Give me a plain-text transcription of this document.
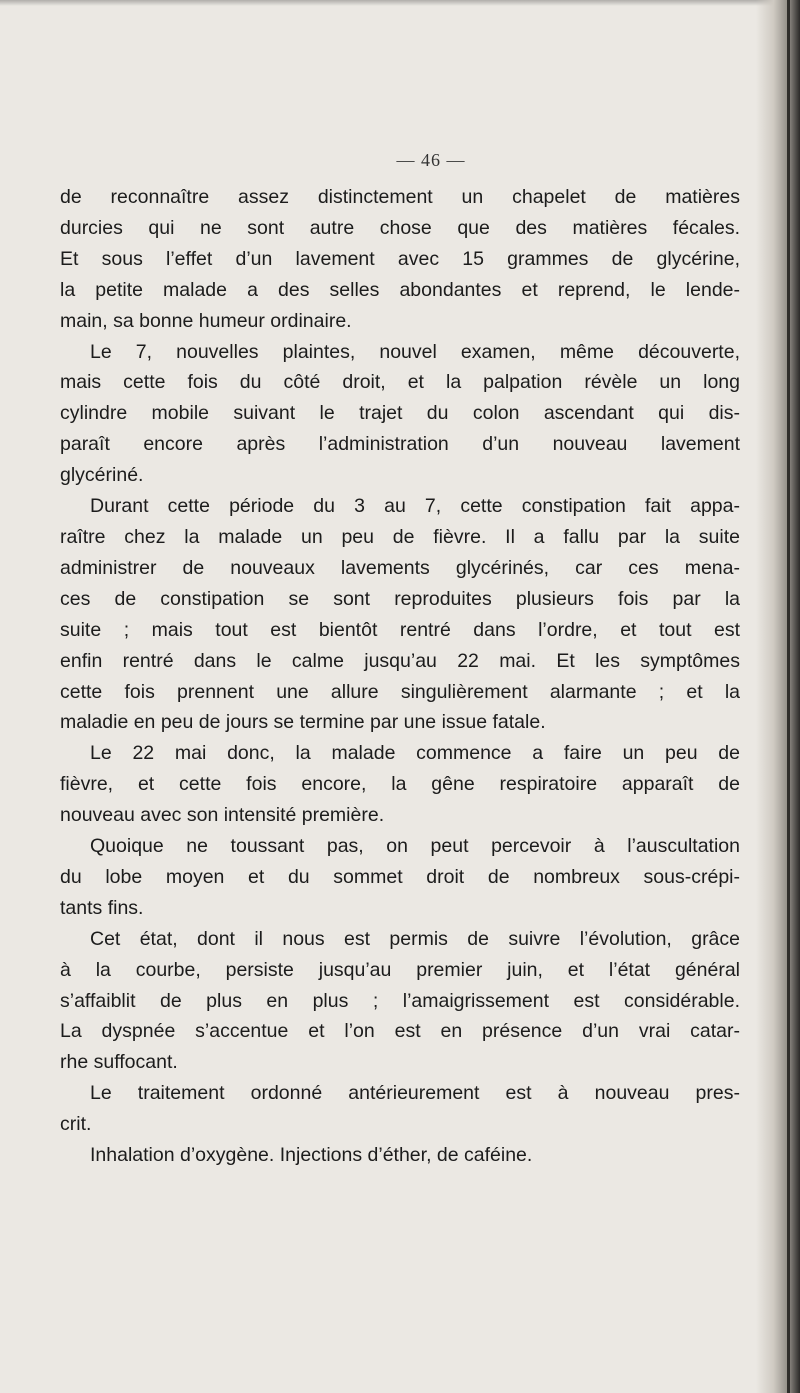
— 46 —
de reconnaître assez distinctement un chapelet de matières
durcies qui ne sont autre chose que des matières fécales.
Et sous l’effet d’un lavement avec 15 grammes de glycérine,
la petite malade a des selles abondantes et reprend, le lende-
main, sa bonne humeur ordinaire.
Le 7, nouvelles plaintes, nouvel examen, même découverte,
mais cette fois du côté droit, et la palpation révèle un long
cylindre mobile suivant le trajet du colon ascendant qui dis-
paraît encore après l’administration d’un nouveau lavement
glycériné.
Durant cette période du 3 au 7, cette constipation fait appa-
raître chez la malade un peu de fièvre. Il a fallu par la suite
administrer de nouveaux lavements glycérinés, car ces mena-
ces de constipation se sont reproduites plusieurs fois par la
suite ; mais tout est bientôt rentré dans l’ordre, et tout est
enfin rentré dans le calme jusqu’au 22 mai. Et les symptômes
cette fois prennent une allure singulièrement alarmante ; et la
maladie en peu de jours se termine par une issue fatale.
Le 22 mai donc, la malade commence a faire un peu de
fièvre, et cette fois encore, la gêne respiratoire apparaît de
nouveau avec son intensité première.
Quoique ne toussant pas, on peut percevoir à l’auscultation
du lobe moyen et du sommet droit de nombreux sous-crépi-
tants fins.
Cet état, dont il nous est permis de suivre l’évolution, grâce
à la courbe, persiste jusqu’au premier juin, et l’état général
s’affaiblit de plus en plus ; l’amaigrissement est considérable.
La dyspnée s’accentue et l’on est en présence d’un vrai catar-
rhe suffocant.
Le traitement ordonné antérieurement est à nouveau pres-
crit.
Inhalation d’oxygène. Injections d’éther, de caféine.
